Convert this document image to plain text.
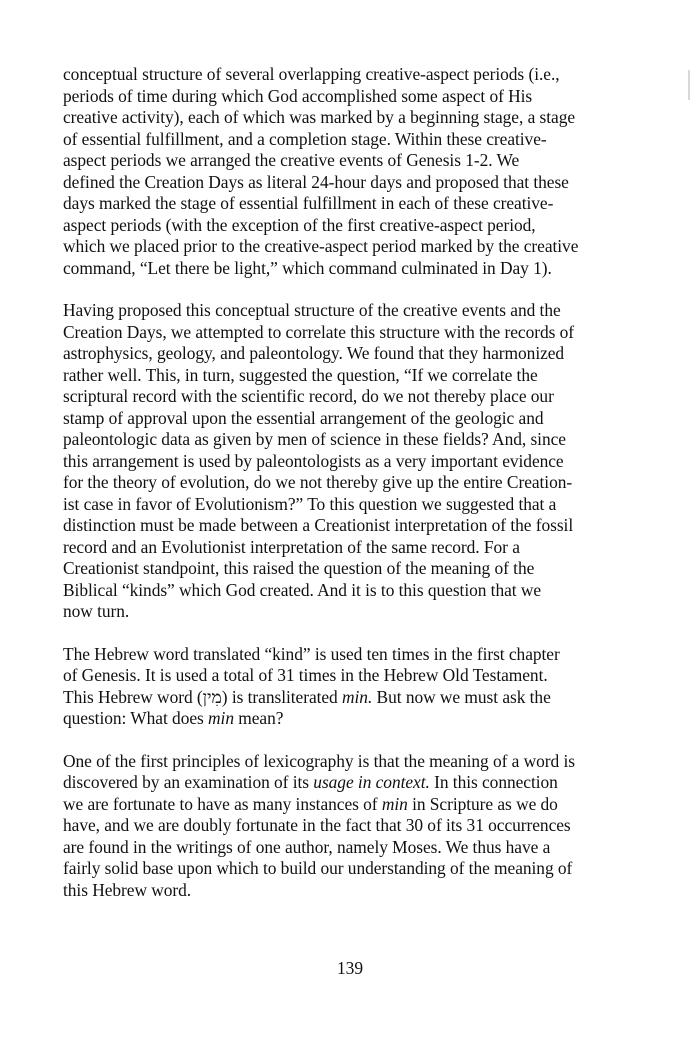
conceptual structure of several overlapping creative-aspect periods (i.e.,
periods of time during which God accomplished some aspect of His
creative activity), each of which was marked by a beginning stage, a stage
of essential fulfillment, and a completion stage. Within these creative-
aspect periods we arranged the creative events of Genesis 1-2. We
defined the Creation Days as literal 24-hour days and proposed that these
days marked the stage of essential fulfillment in each of these creative-
aspect periods (with the exception of the first creative-aspect period,
which we placed prior to the creative-aspect period marked by the creative
command, “Let there be light,” which command culminated in Day 1).

Having proposed this conceptual structure of the creative events and the
Creation Days, we attempted to correlate this structure with the records of
astrophysics, geology, and paleontology. We found that they harmonized
rather well. This, in turn, suggested the question, “If we correlate the
scriptural record with the scientific record, do we not thereby place our
stamp of approval upon the essential arrangement of the geologic and
paleontologic data as given by men of science in these fields? And, since
this arrangement is used by paleontologists as a very important evidence
for the theory of evolution, do we not thereby give up the entire Creation-
ist case in favor of Evolutionism?” To this question we suggested that a
distinction must be made between a Creationist interpretation of the fossil
record and an Evolutionist interpretation of the same record. For a
Creationist standpoint, this raised the question of the meaning of the
Biblical “kinds” which God created. And it is to this question that we
now turn.

The Hebrew word translated “kind” is used ten times in the first chapter
of Genesis. It is used a total of 31 times in the Hebrew Old Testament.
This Hebrew word (מִין) is transliterated min. But now we must ask the
question: What does min mean?

One of the first principles of lexicography is that the meaning of a word is
discovered by an examination of its usage in context. In this connection
we are fortunate to have as many instances of min in Scripture as we do
have, and we are doubly fortunate in the fact that 30 of its 31 occurrences
are found in the writings of one author, namely Moses. We thus have a
fairly solid base upon which to build our understanding of the meaning of
this Hebrew word.

139
